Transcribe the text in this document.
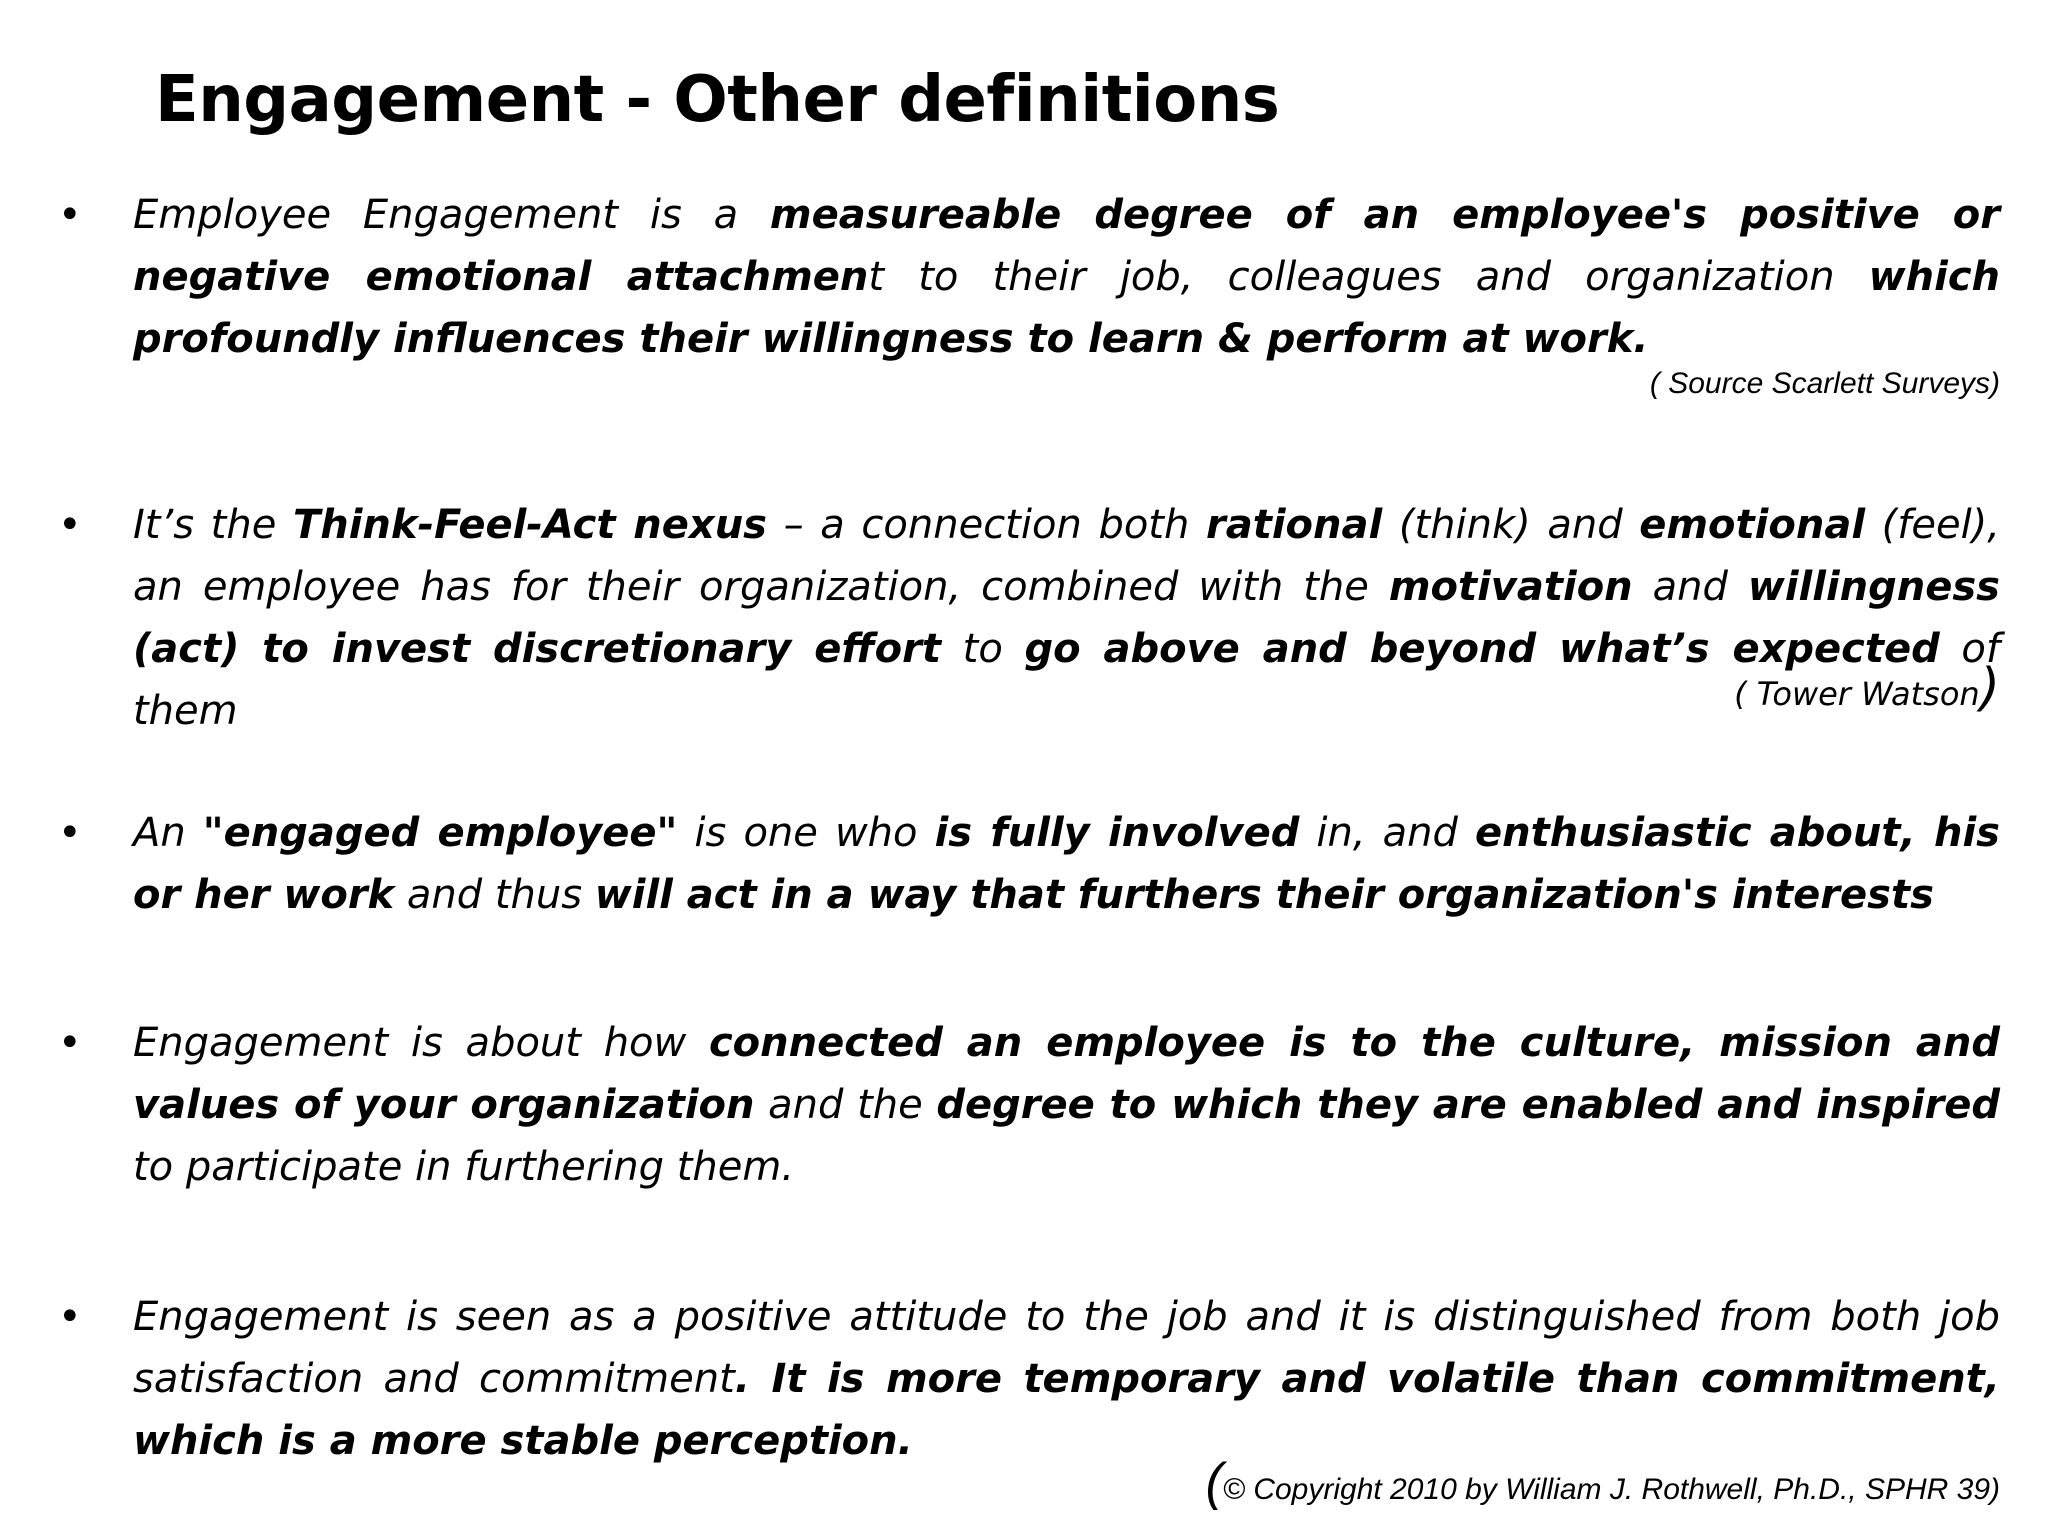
Engagement - Other definitions
•	Employee Engagement is a measureable degree of an employee's positive or negative emotional attachment to their job, colleagues and organization which profoundly influences their willingness to learn & perform at work.
( Source Scarlett Surveys)
•	It’s the Think-Feel-Act nexus – a connection both rational (think) and emotional (feel), an employee has for their organization, combined with the motivation and willingness (act) to invest discretionary effort to go above and beyond what’s expected of them	( Tower Watson)
•	An "engaged employee" is one who is fully involved in, and enthusiastic about, his or her work and thus will act in a way that furthers their organization's interests
•	Engagement is about how connected an employee is to the culture, mission and values of your organization and the degree to which they are enabled and inspired to participate in furthering them.
•	Engagement is seen as a positive attitude to the job and it is distinguished from both job satisfaction and commitment. It is more temporary and volatile than commitment, which is a more stable perception.
(© Copyright 2010 by William J. Rothwell, Ph.D., SPHR 39)
